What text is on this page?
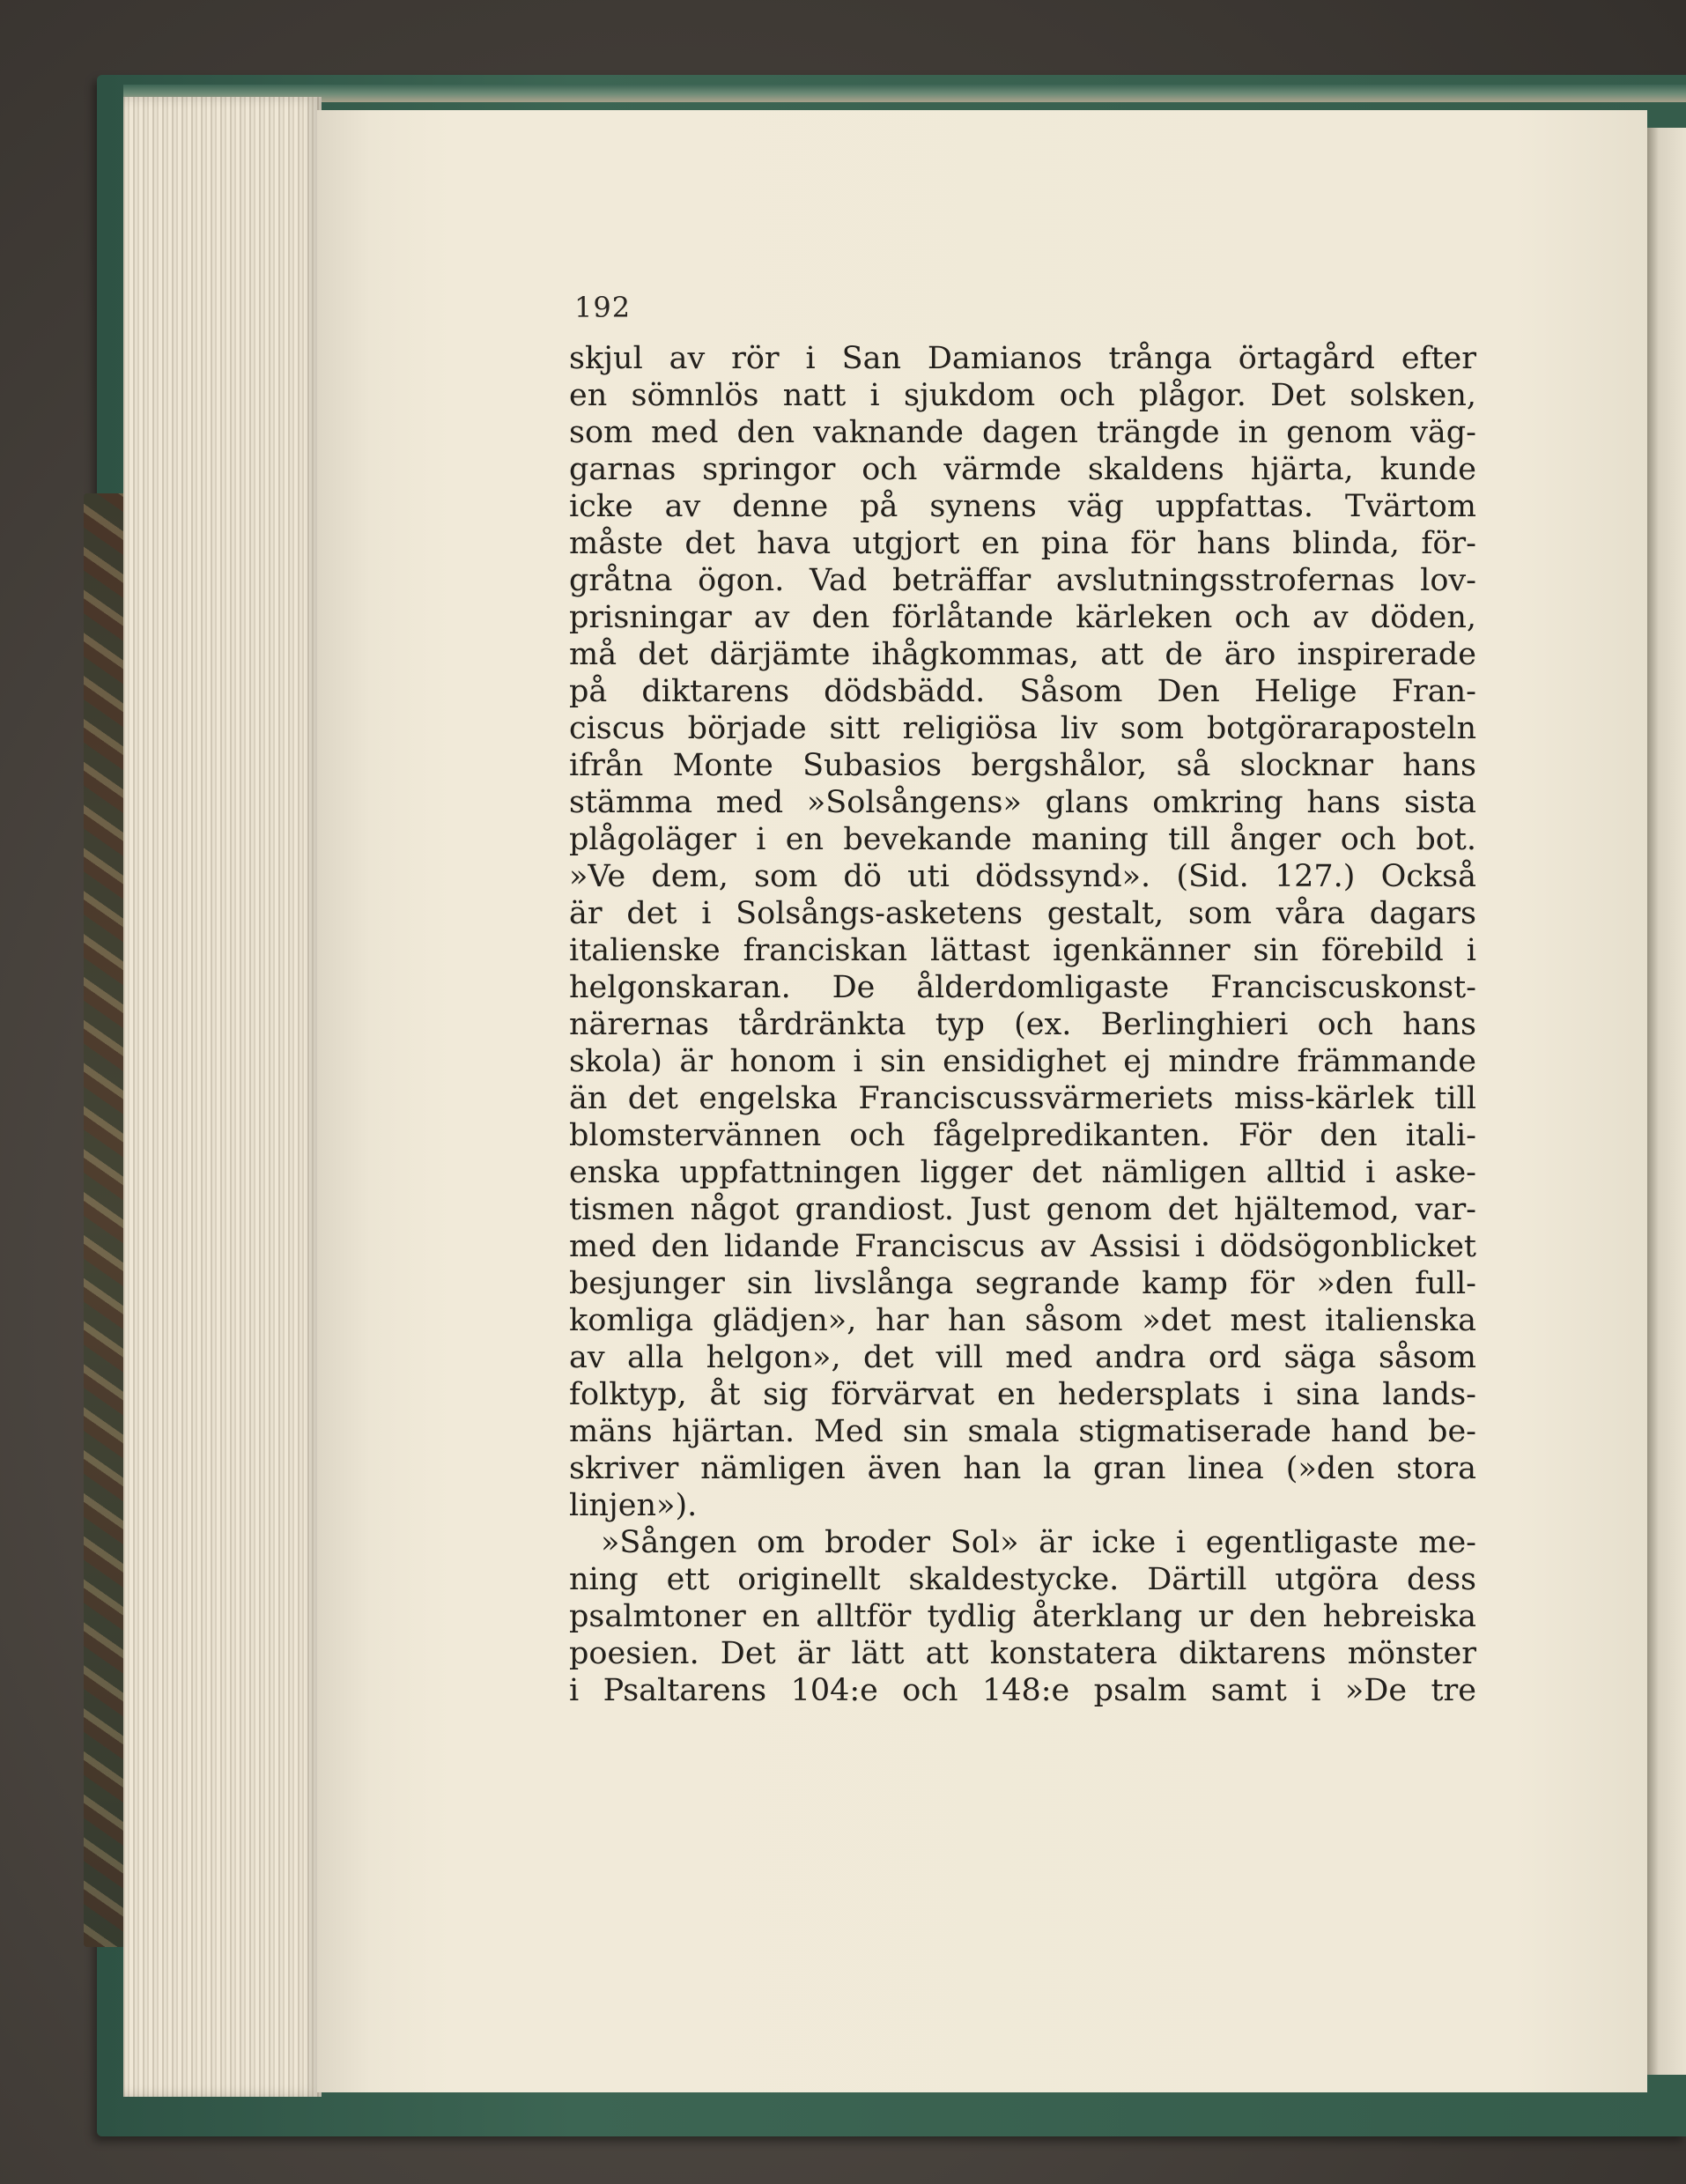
192
skjul av rör i San Damianos trånga örtagård efter
en sömnlös natt i sjukdom och plågor. Det solsken,
som med den vaknande dagen trängde in genom väg-
garnas springor och värmde skaldens hjärta, kunde
icke av denne på synens väg uppfattas. Tvärtom
måste det hava utgjort en pina för hans blinda, för-
gråtna ögon. Vad beträffar avslutningsstrofernas lov-
prisningar av den förlåtande kärleken och av döden,
må det därjämte ihågkommas, att de äro inspirerade
på diktarens dödsbädd. Såsom Den Helige Fran-
ciscus började sitt religiösa liv som botgöraraposteln
ifrån Monte Subasios bergshålor, så slocknar hans
stämma med »Solsångens» glans omkring hans sista
plågoläger i en bevekande maning till ånger och bot.
»Ve dem, som dö uti dödssynd». (Sid. 127.) Också
är det i Solsångs-asketens gestalt, som våra dagars
italienske franciskan lättast igenkänner sin förebild i
helgonskaran. De ålderdomligaste Franciscuskonst-
närernas tårdränkta typ (ex. Berlinghieri och hans
skola) är honom i sin ensidighet ej mindre främmande
än det engelska Franciscussvärmeriets miss-kärlek till
blomstervännen och fågelpredikanten. För den itali-
enska uppfattningen ligger det nämligen alltid i aske-
tismen något grandiost. Just genom det hjältemod, var-
med den lidande Franciscus av Assisi i dödsögonblicket
besjunger sin livslånga segrande kamp för »den full-
komliga glädjen», har han såsom »det mest italienska
av alla helgon», det vill med andra ord säga såsom
folktyp, åt sig förvärvat en hedersplats i sina lands-
mäns hjärtan. Med sin smala stigmatiserade hand be-
skriver nämligen även han la gran linea (»den stora
linjen»).
»Sången om broder Sol» är icke i egentligaste me-
ning ett originellt skaldestycke. Därtill utgöra dess
psalmtoner en alltför tydlig återklang ur den hebreiska
poesien. Det är lätt att konstatera diktarens mönster
i Psaltarens 104:e och 148:e psalm samt i »De tre
